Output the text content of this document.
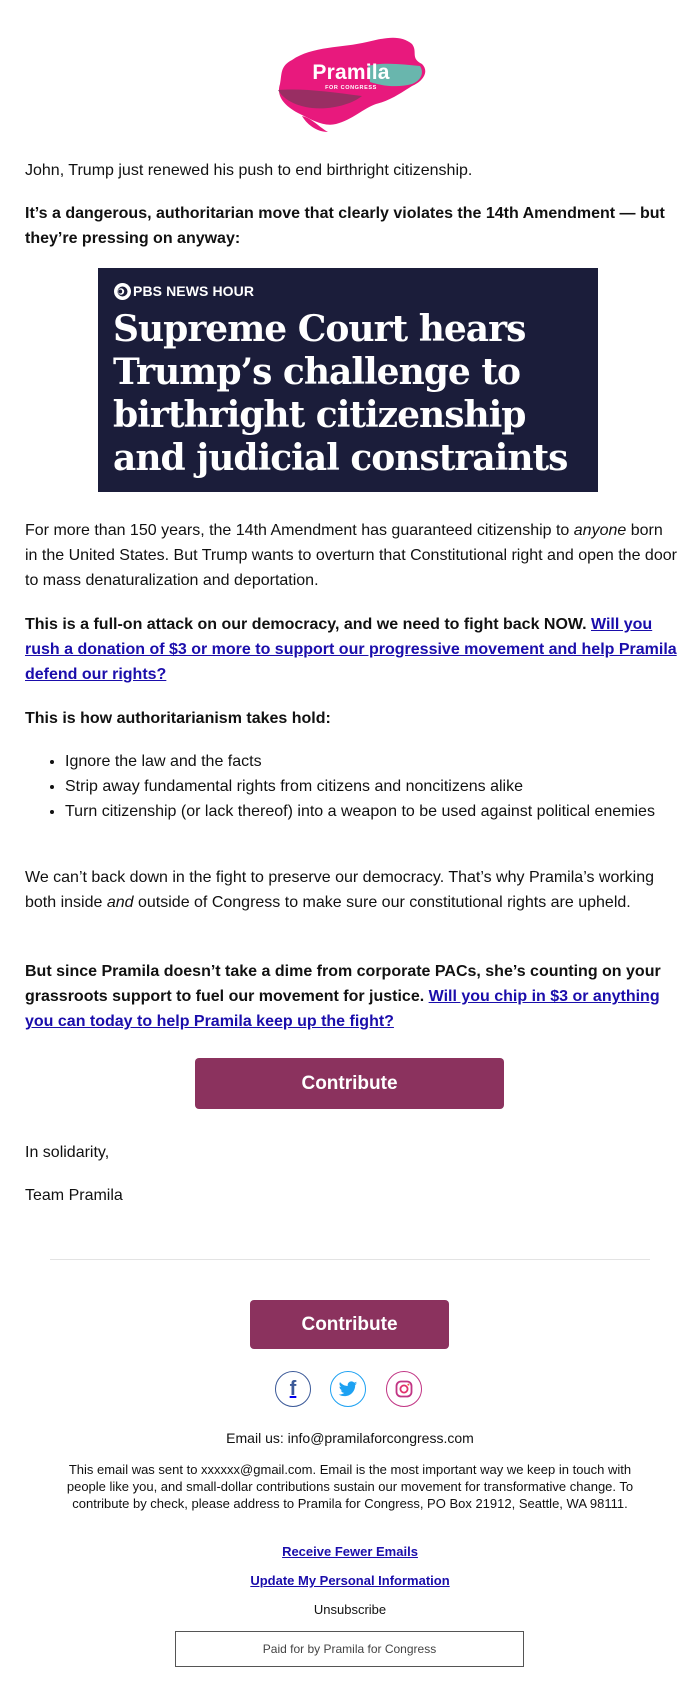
Pramila
FOR CONGRESS

John, Trump just renewed his push to end birthright citizenship.

It’s a dangerous, authoritarian move that clearly violates the 14th Amendment — but they’re pressing on anyway:

PBS NEWS HOUR
Supreme Court hears Trump’s challenge to birthright citizenship and judicial constraints

For more than 150 years, the 14th Amendment has guaranteed citizenship to anyone born in the United States. But Trump wants to overturn that Constitutional right and open the door to mass denaturalization and deportation.

This is a full-on attack on our democracy, and we need to fight back NOW. Will you rush a donation of $3 or more to support our progressive movement and help Pramila defend our rights?

This is how authoritarianism takes hold:

• Ignore the law and the facts
• Strip away fundamental rights from citizens and noncitizens alike
• Turn citizenship (or lack thereof) into a weapon to be used against political enemies

We can’t back down in the fight to preserve our democracy. That’s why Pramila’s working both inside and outside of Congress to make sure our constitutional rights are upheld.

But since Pramila doesn’t take a dime from corporate PACs, she’s counting on your grassroots support to fuel our movement for justice. Will you chip in $3 or anything you can today to help Pramila keep up the fight?

Contribute

In solidarity,

Team Pramila

Contribute
f
Email us: info@pramilaforcongress.com
This email was sent to xxxxxx@gmail.com. Email is the most important way we keep in touch with people like you, and small-dollar contributions sustain our movement for transformative change. To contribute by check, please address to Pramila for Congress, PO Box 21912, Seattle, WA 98111.
Receive Fewer Emails
Update My Personal Information
Unsubscribe
Paid for by Pramila for Congress
